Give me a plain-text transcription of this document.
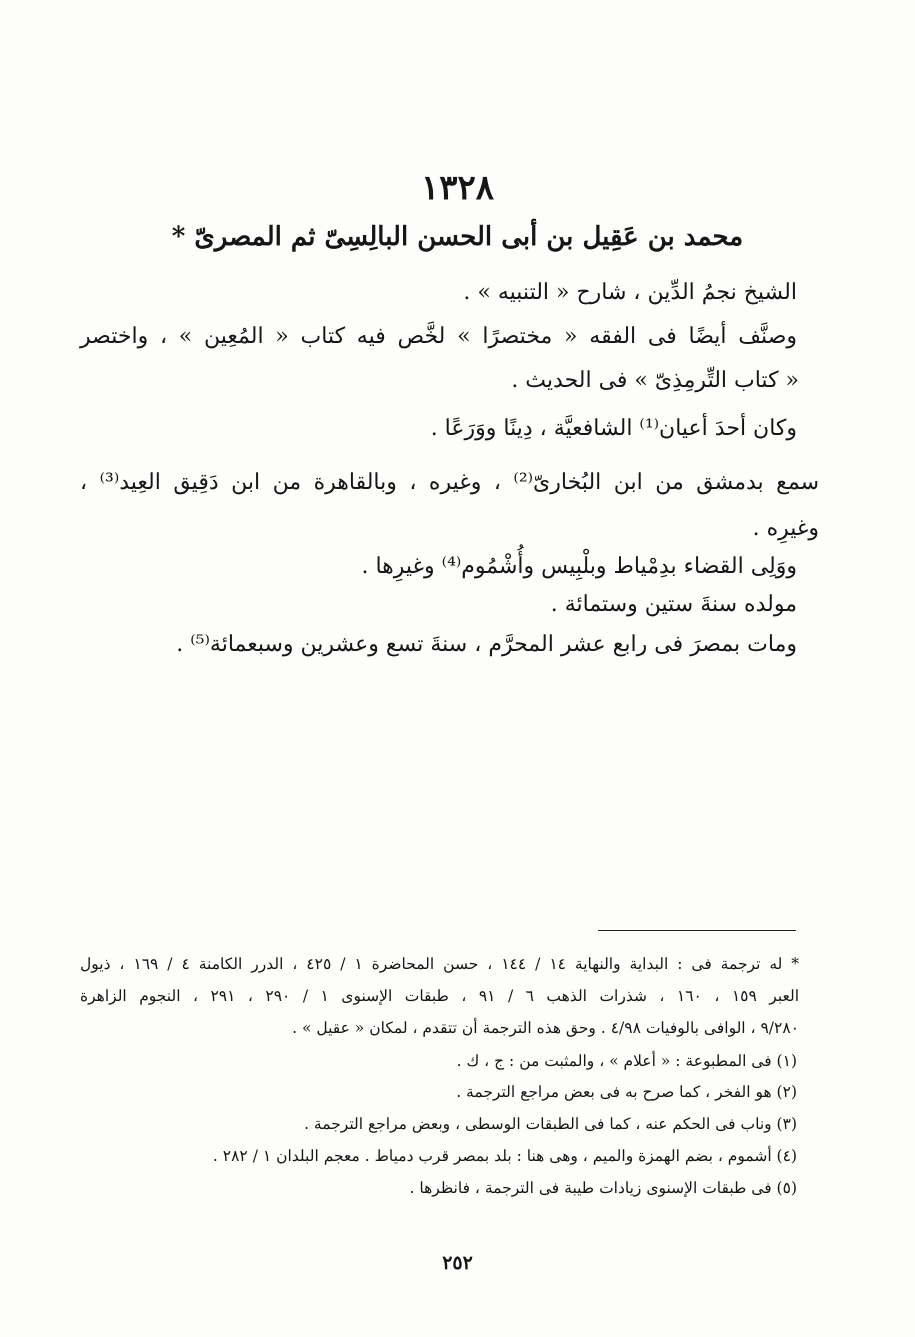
١٣٢٨
محمد بن عَقِيل بن أبى الحسن البالِسِىّ ثم المصرىّ *
الشيخ نجمُ الدِّين ، شارح « التنبيه » .
وصنَّف أيضًا فى الفقه « مختصرًا » لخَّص فيه كتاب « المُعِين » ، واختصر
« كتاب التِّرمِذِىّ » فى الحديث .
وكان أحدَ أعيان⁽¹⁾ الشافعيَّة ، دِينًا ووَرَعًا .
سمع بدمشق من ابن البُخارىّ⁽²⁾ ، وغيره ، وبالقاهرة من ابن دَقِيق العِيد⁽³⁾ ،
وغيرِه .
ووَلِى القضاء بدِمْياط وبلْبِيس وأُشْمُوم⁽⁴⁾ وغيرِها .
مولده سنةَ ستين وستمائة .
ومات بمصرَ فى رابع عشر المحرَّم ، سنةَ تسع وعشرين وسبعمائة⁽⁵⁾ .
* له ترجمة فى : البداية والنهاية ١٤ / ١٤٤ ، حسن المحاضرة ١ / ٤٢٥ ، الدرر الكامنة ٤ / ١٦٩ ، ذيول
العبر ١٥٩ ، ١٦٠ ، شذرات الذهب ٦ / ٩١ ، طبقات الإسنوى ١ / ٢٩٠ ، ٢٩١ ، النجوم الزاهرة
٩/٢٨٠ ، الوافى بالوفيات ٤/٩٨ . وحق هذه الترجمة أن تتقدم ، لمكان « عقيل » .
(١) فى المطبوعة : « أعلام » ، والمثبت من : ج ، ك .
(٢) هو الفخر ، كما صرح به فى بعض مراجع الترجمة .
(٣) وناب فى الحكم عنه ، كما فى الطبقات الوسطى ، وبعض مراجع الترجمة .
(٤) أشموم ، بضم الهمزة والميم ، وهى هنا : بلد بمصر قرب دمياط . معجم البلدان ١ / ٢٨٢ .
(٥) فى طبقات الإسنوى زيادات طيبة فى الترجمة ، فانظرها .
٢٥٢
